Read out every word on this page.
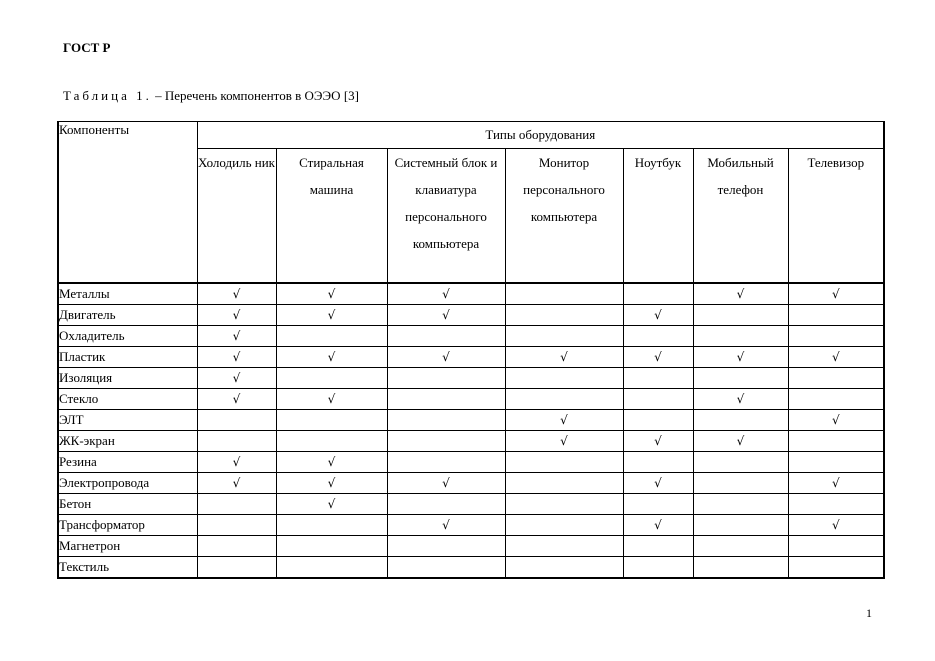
ГОСТ Р
Таблица 1. – Перечень компонентов в ОЭЭО [3]
Компоненты	Типы оборудования						
	Холодиль ник	Стиральная машина	Системный блок и клавиатура персонального компьютера	Монитор персонального компьютера	Ноутбук	Мобильный телефон	Телевизор
Металлы	√	√	√			√	√
Двигатель	√	√	√		√		
Охладитель	√						
Пластик	√	√	√	√	√	√	√
Изоляция	√						
Стекло	√	√				√	
ЭЛТ				√			√
ЖК-экран				√	√	√	
Резина	√	√					
Электропровода	√	√	√		√		√
Бетон		√					
Трансформатор			√		√		√
Магнетрон							
Текстиль							
1
